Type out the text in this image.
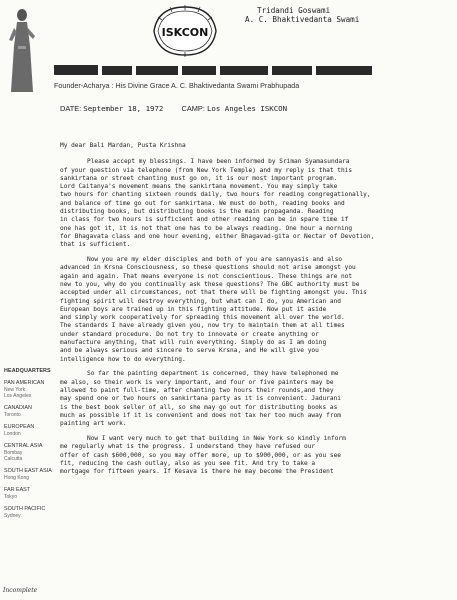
ISKCON
Tridandi Goswami
A. C. Bhaktivedanta Swami
Founder-Acharya : His Divine Grace A. C. Bhaktivedanta Swami Prabhupada
DATE: September 18, 1972 CAMP: Los Angeles ISKCON
HEADQUARTERS
PAN AMERICAN
New York
Los Angeles
CANADIAN
Toronto
EUROPEAN
London
CENTRAL ASIA
Bombay
Calcutta
SOUTH EAST ASIA
Hong Kong
FAR EAST
Tokyo
SOUTH PACIFIC
Sydney
Incomplete

My dear Bali Mardan, Pusta Krishna

Please accept my blessings. I have been informed by Sriman Syamasundara
of your question via telephone (from New York Temple) and my reply is that this
sankirtana or street chanting must go on, it is our most important program.
Lord Caitanya's movement means the sankirtana movement. You may simply take
two hours for chanting sixteen rounds daily, two hours for reading congregationally,
and balance of time go out for sankirtana. We must do both, reading books and
distributing books, but distributing books is the main propaganda. Reading
in class for two hours is sufficient and other reading can be in spare time if
one has got it, it is not that one has to be always reading. One hour a morning
for Bhagavata class and one hour evening, either Bhagavad-gita or Nectar of Devotion,
that is sufficient.

Now you are my elder disciples and both of you are sannyasis and also
advanced in Krsna Consciousness, so these questions should not arise amongst you
again and again. That means everyone is not conscientious. These things are not
new to you, why do you continually ask these questions? The GBC authority must be
accepted under all circumstances, not that there will be fighting amongst you. This
fighting spirit will destroy everything, but what can I do, you American and
European boys are trained up in this fighting attitude. Now put it aside
and simply work cooperatively for spreading this movement all over the world.
The standards I have already given you, now try to maintain them at all times
under standard procedure. Do not try to innovate or create anything or
manufacture anything, that will ruin everything. Simply do as I am doing
and be always serious and sincere to serve Krsna, and He will give you
intelligence how to do everything.

So far the painting department is concerned, they have telephoned me
me also, so their work is very important, and four or five painters may be
allowed to paint full-time, after chanting two hours their rounds,and they
may spend one or two hours on sankirtana party as it is convenient. Jadurani
is the best book seller of all, so she may go out for distributing books as
much as possible if it is convenient and does not tax her too much away from
painting art work.

Now I want very much to get that building in New York so kindly inform
me regularly what is the progress. I understand they have refused our
offer of cash $600,000, so you may offer more, up to $900,000, or as you see
fit, reducing the cash outlay, also as you see fit. And try to take a
mortgage for fifteen years. If Kesava is there he may become the President
